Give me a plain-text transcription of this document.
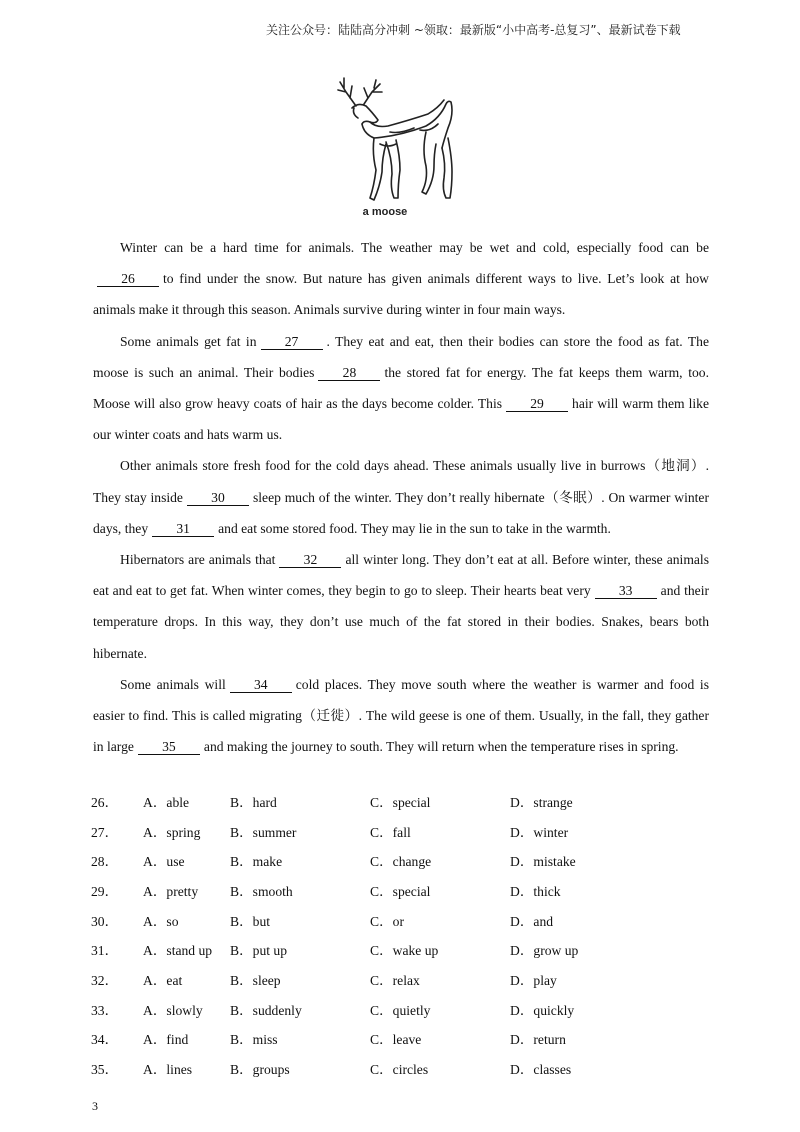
关注公众号：陆陆高分冲刺 ~领取：最新版“小中高考-总复习”、最新试卷下载
a moose

Winter can be a hard time for animals. The weather may be wet and cold, especially food can be26 to find under the snow. But nature has given animals different ways to live. Let’s look at how animals make it through this season. Animals survive during winter in four main ways.

Some animals get fat in 27 . They eat and eat, then their bodies can store the food as fat. The moose is such an animal. Their bodies 28 the stored fat for energy. The fat keeps them warm, too. Moose will also grow heavy coats of hair as the days become colder. This 29 hair will warm them like our winter coats and hats warm us.

Other animals store fresh food for the cold days ahead. These animals usually live in burrows（地洞）. They stay inside 30 sleep much of the winter. They don’t really hibernate（冬眠）. On warmer winter days, they 31 and eat some stored food. They may lie in the sun to take in the warmth.

Hibernators are animals that 32 all winter long. They don’t eat at all. Before winter, these animals eat and eat to get fat. When winter comes, they begin to go to sleep. Their hearts beat very 33 and their temperature drops. In this way, they don’t use much of the fat stored in their bodies. Snakes, bears both hibernate.

Some animals will 34 cold places. They move south where the weather is warmer and food is easier to find. This is called migrating（迁徙）. The wild geese is one of them. Usually, in the fall, they gather in large 35 and making the journey to south. They will return when the temperature rises in spring.

26．	A．able	B．hard	C．special	D．strange
27．	A．spring	B．summer	C．fall	D．winter
28．	A．use	B．make	C．change	D．mistake
29．	A．pretty	B．smooth	C．special	D．thick
30．	A．so	B．but	C．or	D．and
31．	A．stand up	B．put up	C．wake up	D．grow up
32．	A．eat	B．sleep	C．relax	D．play
33．	A．slowly	B．suddenly	C．quietly	D．quickly
34．	A．find	B．miss	C．leave	D．return
35．	A．lines	B．groups	C．circles	D．classes
3
